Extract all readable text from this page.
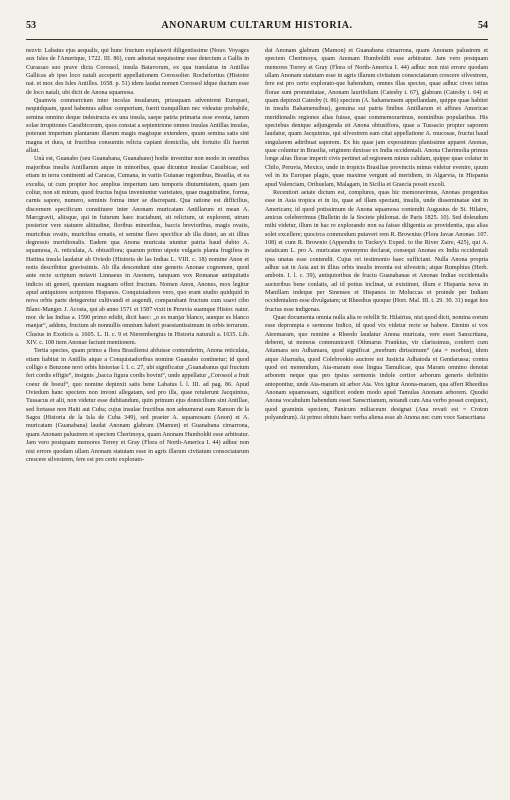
53	ANONARUM CULTARUM HISTORIA.	54

nezvir. Labatus ejus aequalis, qui hunc fructum explanavit diligentissime (Nouv. Voyages aux Isles de l'Amerique, 1722. III. 86), cum adnotat nequissime esse detectum a Gallis in Curassao suo prave dicta Corossol, insula Batavorum, ex qua translatus in Antillas Gallicas ab ipso loco natali acceperit appellationem Corossolier. Rochefortius (Histoire nat. et mor. des Isles Antilles. 1658. p. 51) idem laudat nomen Corossol idque ductum esse de loco natali, ubi dicit de Anona squamosa.

Quamvis commercium inter incolas insularum, priusquam advenirent Europaei, nequidquam, quod habemus adhuc comperium, fuerit tranquillum nec videatur probabile, semina omnino deque indestructa ex una insula, saepe patria primaria esse eventa, tamen solae irruptiones Caraibicorum, quos constat a septentrione omnes insulas Antillas insulas, poterant imperium plantarum illarum magis magisque extendere, quum semina satis sint magna et dura, ut fructibus consumtis relicta capiant domicilia, ubi fortuito illi fuerint allati.

Unà est, Guanabo (seu Guanabana, Guanabano) hodie invenitur non modo in omnibus majoribus insulis Antillarum atque in minoribus, quae dicuntur insulae Caraibicae, sed etiam in terra continenti ad Caracas, Cumana, in variis Guianae regionibus, Brasilia, et ea exculta, ut cum propter hoc amplius imperium tam temporis diuturnitatem, quam jam coliur, non sit mirum, quod fructus hujus inveniuntur varietates, quae magnitudine, forma, carnis sapore, numero, seminis forma inter se discrepant. Qua ratione est difficilius, discernere specificum constituere inter Anonam muricatam Antillarum et mean A. Marcgravii, aliisque, qui in futurum haec tractabunt, sit relictum, ut explorent, utrum posterior vere statuere altitudine, floribus minoribus, baccis brevioribus, magis ovatis, muricibus ovatis, muricibus ornatis, et semine flavo specifice ab illa distet, an sit illius degressio meridionalis. Eadem qua Anona muricata utuntur patria haud dubio A. squamosa, A. reticulata, A. obtusifiora; quarum primo utpote vulgaris planta frugifera in Haitina insula laudatur ab Oviedo (Historia de las Indias L. VIII. c. 18) nomine Anon et notis describitur gravissimis. Ab illa descendunt sine generis Anonae cognomen, quod ante recte scriptum notavit Linnaeus in Anonem, tanquam vox Romanae antiquitatis indicio sit generi, quoniam magnam offert fructum. Nomen Anon, Anones, mox legitur apud antiquiores scriptores Hispanos. Conquistadores vero, quo erant studio quidquid in nova orbis parte detegeretur cultivandi et augendi, comparabant fructum cum suavi cibo Blanc-Manger. J. Acosta, qui ab anno 1571 et 1587 vixit in Peruvia suamque Histor. natur. mor. de las Indias a. 1590 primo edidit, dicit haec: „o es manjar blanco, aunque es blanco manjar“, addens, fructum ab nonnullis omnium haberi praestantissimum in orbis terrarum. Clusius in Exoticis a. 1605. L. II. c. 9 et Nierembergius in Historia naturali a. 1635. Lib. XIV. c. 108 item Anonae faciunt mentionem.

Tertia species, quam primo a flora Brasiliensi abfuisse contenderim, Anona reticulata, etiam habitat in Antillis atque a Conquistadoribus nomine Guanabo continetur; id quod colligo e Benzone novi orbis historiae l. I. c. 27, ubi significatur „Guanabanus qui fructum fert cordis effigie“, insignis „bacca figura cordis bovini“, unde appellatur „Corossol a fruit coeur de boeuf“, quo nomine depinxit satis bene Labatus l. l. III. ad pag. 86. Apud Oviedum hanc speciem non invoni allegatam, sed pro illa, quae retulerunt Jacquinius, Tussacus et alii, non videtur esse dubitandum, quin primum ejus domicilium sint Antillae, sed fortasse non Haiti aut Cuba; cujus insulae fructibus non adnumerat eam Ramon de la Sagra (Historia de la Isla de Cuba 349), sed praeter A. squamosam (Anon) et A. muricatam (Guanabana) laudat Anonam glabram (Mamon) et Guanabana cimarrona, quam Anonam palustrem et speciem Cherimoya, quam Anonam Humboldti esse arbitratur. Jam vero postquam memores Torrey et Gray (Flora of North-America I. 44) adhuc non nisi errore quodam ullam Anonam statutam esse in agris illarum civitatum consociatarum crescere silvestrem, fere est pro certo explorato-

dat Anonam glabram (Mamon) et Guanabana cimarrona, quam Anonam palustrem et speciem Cherimoya, quam Anonam Humboldti esse arbitratur. Jam vero postquam memores Torrey et Gray (Flora of North-America I. 44) adhuc non nisi errore quodam ullam Anonam statutam esse in agris illarum civitatum consociatarum crescere silvestrem, fere est pro certo explorato-que habendum, omnes illas species, quae adhuc cives istius florae sunt pronuntiatae, Anonam laurifoliam (Catesby t. 67), glabram (Catesby i. 64) et quam depinxit Catesby (t. 86) speciem (A. bahamensem appellandam, quippe quae habitet in insulis Bahamensibus), genuina sui patria finibus Antillarum et affines Americae meridionalis regiones alias fuisse, quae commemorarimus, nominibus popularibus. His speciebus denique adjungenda sit Anona obtusifiora, quae a Tussacio propter saporem laudatur, quam Jacquinius, qui silvestrem eam citat appellatione A. mucosae, fructui haud singularem adtribuat saporem. Ex his quae jam exposuimus planissime apparet Anonas, quae coluntur in Brasilia, originem duxisse ex India occidentali. Anona Cherimolia primus longe alius florae imperii civis pertinet ad regionem minus calidam, quippe quae colatur in Chilo, Peruvia, Mexico, unde in tropicis Brasiliae provinciis minus videtur evenire, quum vel in its Europae plagis, quae maxime vergunt ad meridiem, in Algarvia, in Hispania apud Valenciam, Orihuelam, Malagam, in Sicilia et Graecia possit excoli.

Recentiori aetate dictum est, complures, quas hic memoravimus, Anonas progenitas esse in Asia tropica et in iis, quae ad illam spectant, insulis, unde disseminatae sint in Americam; id quod potissimum de Anona squamosa contendit Augustus de St. Hilaire, amicus celeberrimus (Bulletin de la Societe philomat. de Paris 1825. 10). Sed doleudum mihi videtur, illum in hac re explorando non ea faisse diligentia ac providentia, qua alias solet excellere; quocirca commodum putaveri rem R. Brownius (Flora Javae Anonae. 107. 108) et cum R. Brownio (Appendix to Tuckey's Exped. to the River Zaire, 425), qui A. asiaticam L. pro A. muricatae synonymo declarat, consequi Anonas ex India occidentali ipsa unatas esse contendit. Cujus rei testimonio haec sufficiant. Nulla Anona propria adhuc sat in Asia aut in illius orbis insulis inventa est silvestris; atque Rumphius (Herb. amboin. I. l. c. 39), antiquioribus de fructu Guanabanae et Anonae Indiae occidentalis auctoribus bene conlatis, ad id potius inclinat, ut existimet, illum e Hispania nova in Manillam indeque per Sinenses et Hispanos in Moluccas et proinde per Indiam occidentalem esse divulgatam; ut Rheedius quoque (Hort. Mal. III. t. 29. 30. 31) negat hos fructus esse indigenas.

Quae documenta omnia nulla alia re refellit Sr. Hilairius, nisi quod dicit, nomina eorum esse deprompta e sermone Indico, id quod vix videtur recte se habere. Etenim si vox Ateemaram, quo nomine a Rheedo laudatur Anona muricata, vere esset Sanscritana, deberet, ut moneus communicavit Othmarus Frankius, vir clarissimus, conferri cum Attamara seu Adhamara, quod significat „morbum dirissimum“ (ata = morbus), idem atque Aharusha, quod Colebrookio auctore est Justicia Adhatoda et Gendarussa; contra quod est monendum, Ata-maram esse lingua Tamulicae, qua Maram omnino denotat arborem neque qua pro ipsius sermonis indole certior arborum generis definitio antoponitur, unde Ata-maram sit arbor Ata. Vox igitur Anona-maram, qua affert Rheedius Anonam squamosam, significet eodem modo apud Tamulas Anonam arborem. Quodsi Anona vocabulum habendum esset Sanscritanum, notandi cum Ana verbo posset conjunci, quod graminis speciem, Panicum miliaceum designat (Ana revati est = Croton polyandrum). At primo obtutu haec verba aliena esse ab Anona nec cum voce Sanscritana
